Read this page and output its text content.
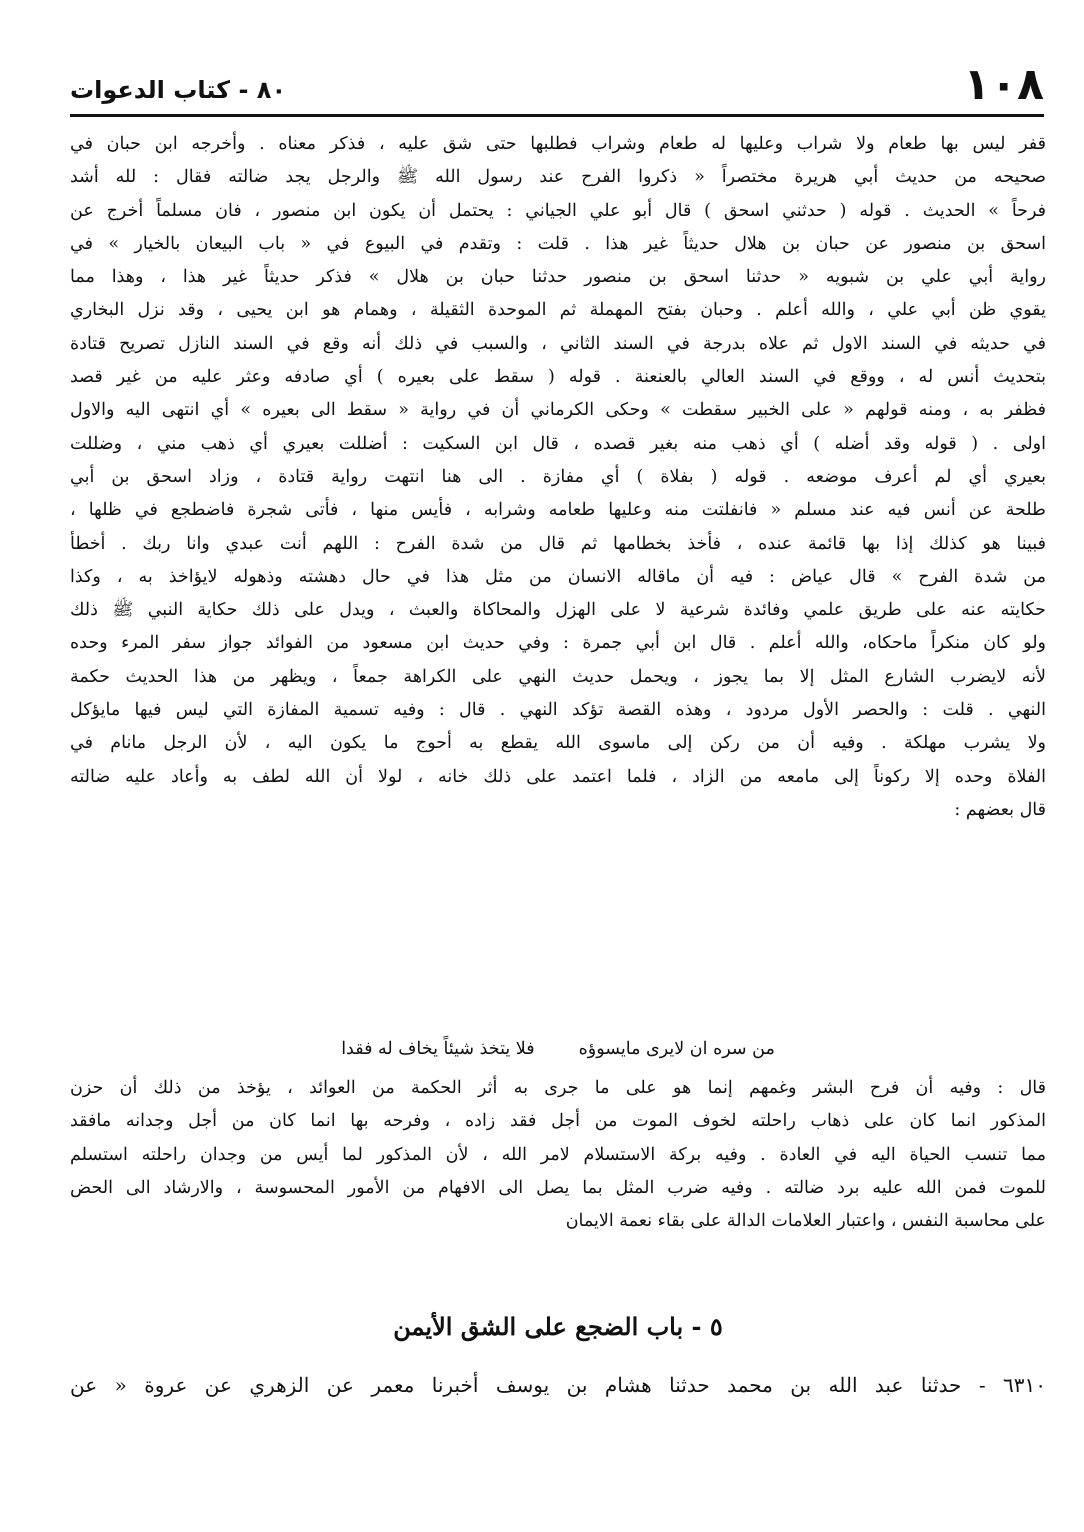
١٠٨
٨٠ - كتاب الدعوات
قفر ليس بها طعام ولا شراب وعليها له طعام وشراب فطلبها حتى شق عليه ، فذكر معناه . وأخرجه ابن حبان في
صحيحه من حديث أبي هريرة مختصراً « ذكروا الفرح عند رسول الله ﷺ والرجل يجد ضالته فقال : لله أشد
فرحاً » الحديث . قوله ( حدثني اسحق ) قال أبو علي الجياني : يحتمل أن يكون ابن منصور ، فان مسلماً أخرج عن
اسحق بن منصور عن حبان بن هلال حديثاً غير هذا . قلت : وتقدم في البيوع في « باب البيعان بالخيار » في
رواية أبي علي بن شبويه « حدثنا اسحق بن منصور حدثنا حبان بن هلال » فذكر حديثاً غير هذا ، وهذا مما
يقوي ظن أبي علي ، والله أعلم . وحبان بفتح المهملة ثم الموحدة الثقيلة ، وهمام هو ابن يحيى ، وقد نزل البخاري
في حديثه في السند الاول ثم علاه بدرجة في السند الثاني ، والسبب في ذلك أنه وقع في السند النازل تصريح قتادة
بتحديث أنس له ، ووقع في السند العالي بالعنعنة . قوله ( سقط على بعيره ) أي صادفه وعثر عليه من غير قصد
فظفر به ، ومنه قولهم « على الخبير سقطت » وحكى الكرماني أن في رواية « سقط الى بعيره » أي انتهى اليه والاول
اولى . ( قوله وقد أضله ) أي ذهب منه بغير قصده ، قال ابن السكيت : أضللت بعيري أي ذهب مني ، وضللت
بعيري أي لم أعرف موضعه . قوله ( بفلاة ) أي مفازة . الى هنا انتهت رواية قتادة ، وزاد اسحق بن أبي
طلحة عن أنس فيه عند مسلم « فانفلتت منه وعليها طعامه وشرابه ، فأيس منها ، فأتى شجرة فاضطجع في ظلها ،
فبينا هو كذلك إذا بها قائمة عنده ، فأخذ بخطامها ثم قال من شدة الفرح : اللهم أنت عبدي وانا ربك . أخطأ
من شدة الفرح » قال عياض : فيه أن ماقاله الانسان من مثل هذا في حال دهشته وذهوله لايؤاخذ به ، وكذا
حكايته عنه على طريق علمي وفائدة شرعية لا على الهزل والمحاكاة والعبث ، ويدل على ذلك حكاية النبي ﷺ ذلك
ولو كان منكراً ماحكاه، والله أعلم . قال ابن أبي جمرة : وفي حديث ابن مسعود من الفوائد جواز سفر المرء وحده
لأنه لايضرب الشارع المثل إلا بما يجوز ، ويحمل حديث النهي على الكراهة جمعاً ، ويظهر من هذا الحديث حكمة
النهي . قلت : والحصر الأول مردود ، وهذه القصة تؤكد النهي . قال : وفيه تسمية المفازة التي ليس فيها مايؤكل
ولا يشرب مهلكة . وفيه أن من ركن إلى ماسوى الله يقطع به أحوج ما يكون اليه ، لأن الرجل مانام في
الفلاة وحده إلا ركوناً إلى مامعه من الزاد ، فلما اعتمد على ذلك خانه ، لولا أن الله لطف به وأعاد عليه ضالته
قال بعضهم :
من سره ان لايرى مايسوؤه
فلا يتخذ شيئاً يخاف له فقدا
قال : وفيه أن فرح البشر وغمهم إنما هو على ما جرى به أثر الحكمة من العوائد ، يؤخذ من ذلك أن حزن
المذكور انما كان على ذهاب راحلته لخوف الموت من أجل فقد زاده ، وفرحه بها انما كان من أجل وجدانه مافقد
مما تنسب الحياة اليه في العادة . وفيه بركة الاستسلام لامر الله ، لأن المذكور لما أيس من وجدان راحلته استسلم
للموت فمن الله عليه برد ضالته . وفيه ضرب المثل بما يصل الى الافهام من الأمور المحسوسة ، والارشاد الى الحض
على محاسبة النفس ، واعتبار العلامات الدالة على بقاء نعمة الايمان
٥ - باب الضجع على الشق الأيمن
٦٣١٠ - حدثنا عبد الله بن محمد حدثنا هشام بن يوسف أخبرنا معمر عن الزهري عن عروة « عن
